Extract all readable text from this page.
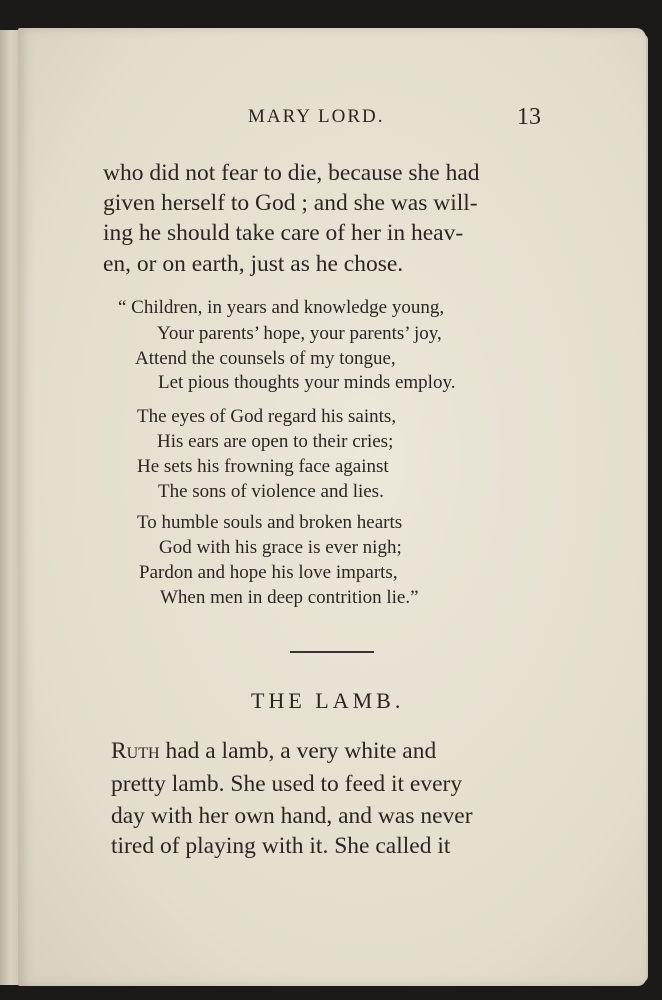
MARY LORD.	13
who did not fear to die, because she had
given herself to God ; and she was will-
ing he should take care of her in heav-
en, or on earth, just as he chose.
“ Children, in years and knowledge young,
Your parents’ hope, your parents’ joy,
Attend the counsels of my tongue,
Let pious thoughts your minds employ.
The eyes of God regard his saints,
His ears are open to their cries;
He sets his frowning face against
The sons of violence and lies.
To humble souls and broken hearts
God with his grace is ever nigh;
Pardon and hope his love imparts,
When men in deep contrition lie.”
THE LAMB.
Ruth had a lamb, a very white and
pretty lamb. She used to feed it every
day with her own hand, and was never
tired of playing with it. She called it
